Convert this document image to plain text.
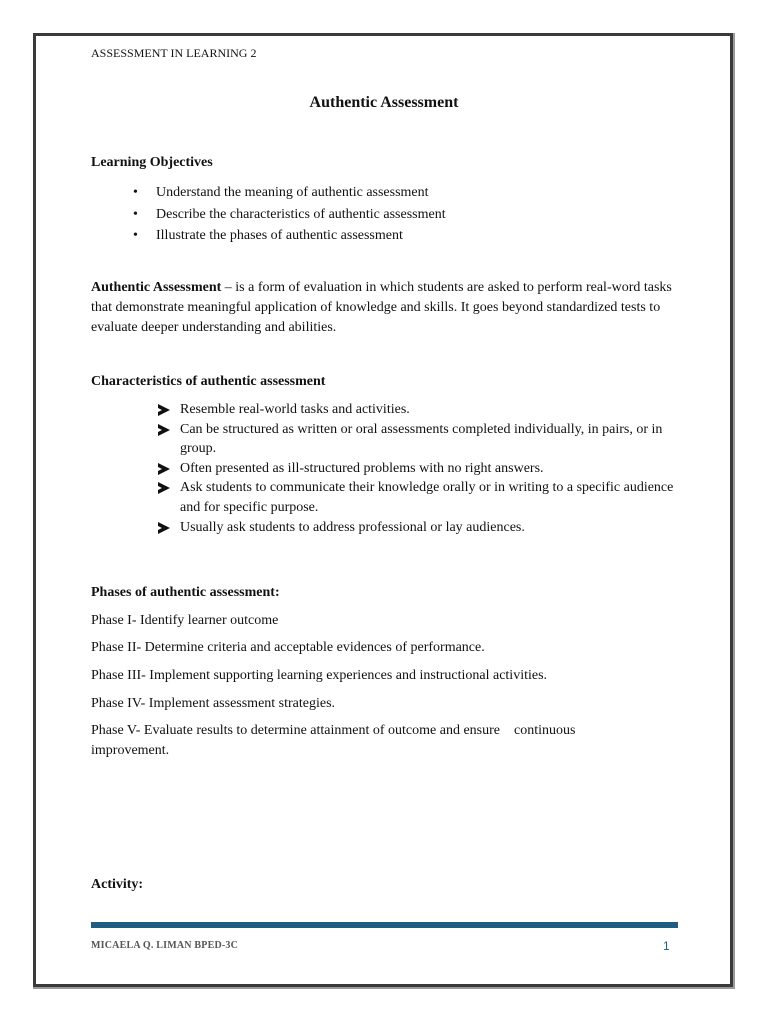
ASSESSMENT IN LEARNING 2
Authentic Assessment
Learning Objectives
• Understand the meaning of authentic assessment
• Describe the characteristics of authentic assessment
• Illustrate the phases of authentic assessment
Authentic Assessment – is a form of evaluation in which students are asked to perform real-word tasks that demonstrate meaningful application of knowledge and skills. It goes beyond standardized tests to evaluate deeper understanding and abilities.
Characteristics of authentic assessment
Resemble real-world tasks and activities.
Can be structured as written or oral assessments completed individually, in pairs, or in group.
Often presented as ill-structured problems with no right answers.
Ask students to communicate their knowledge orally or in writing to a specific audience and for specific purpose.
Usually ask students to address professional or lay audiences.
Phases of authentic assessment:
Phase I- Identify learner outcome
Phase II- Determine criteria and acceptable evidences of performance.
Phase III- Implement supporting learning experiences and instructional activities.
Phase IV- Implement assessment strategies.
Phase V- Evaluate results to determine attainment of outcome and ensure    continuous improvement.
Activity:
MICAELA Q. LIMAN BPED-3C	1
